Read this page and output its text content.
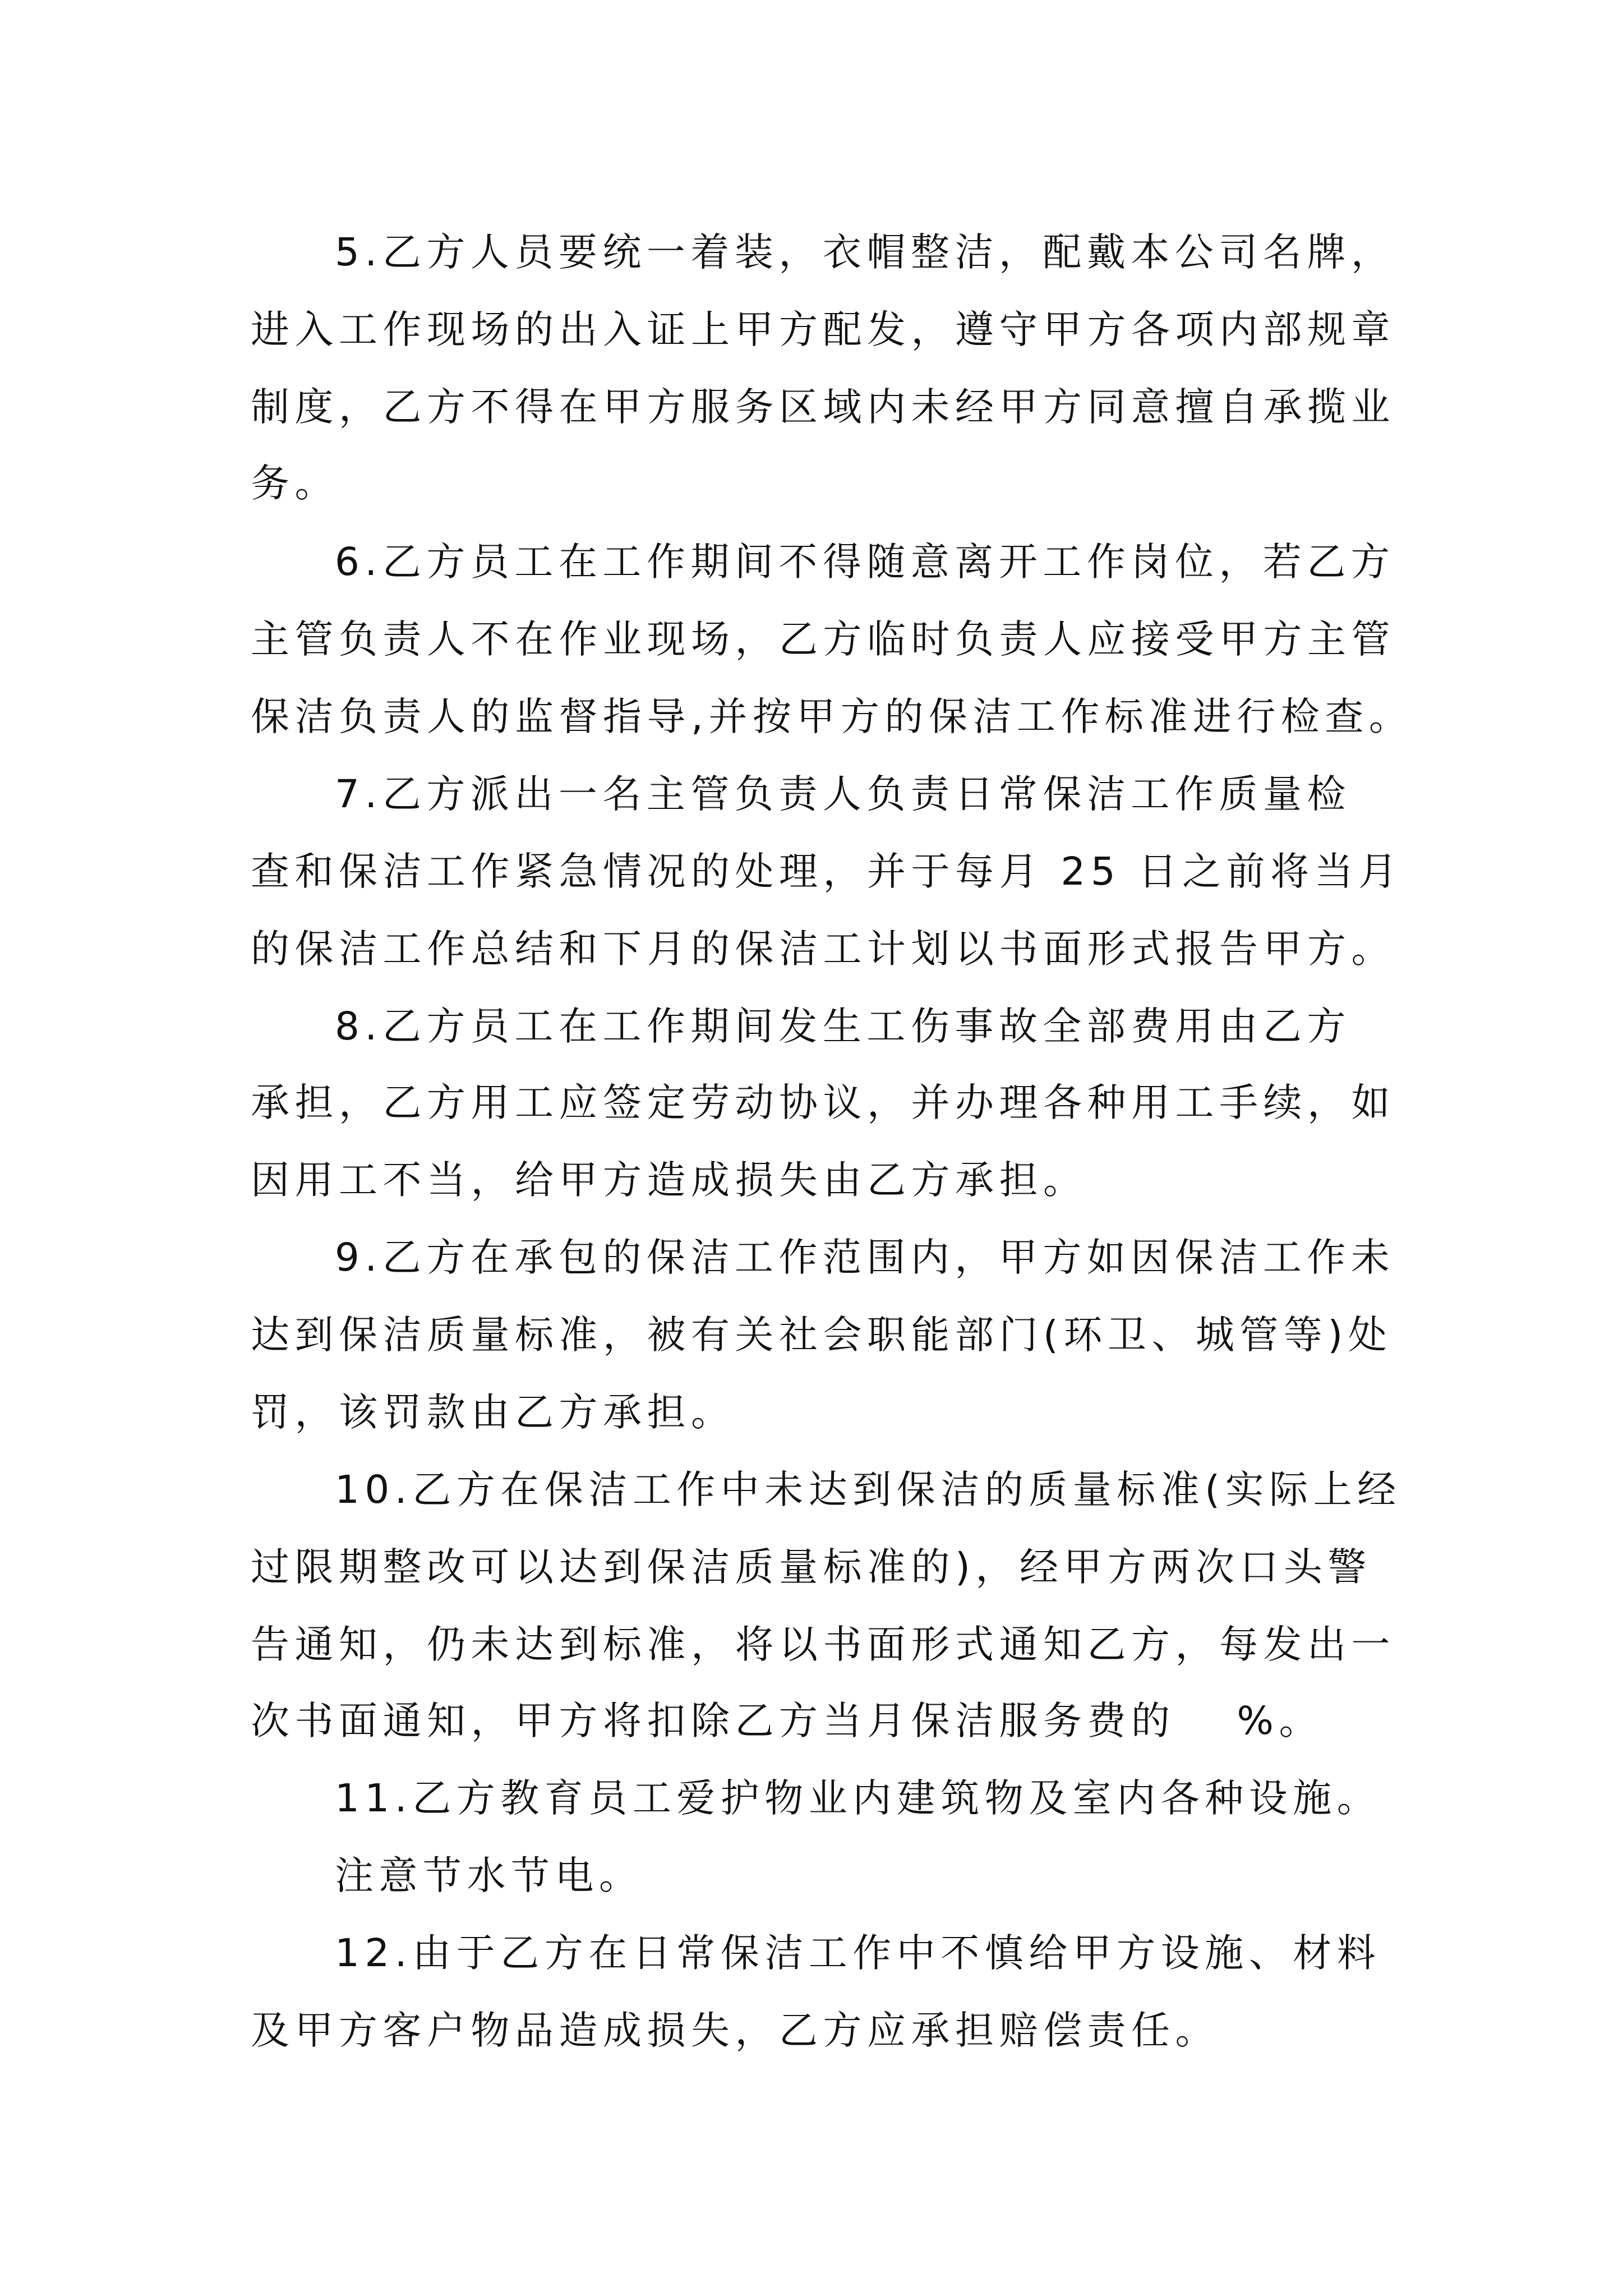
5.乙方人员要统一着装，衣帽整洁，配戴本公司名牌，
进入工作现场的出入证上甲方配发，遵守甲方各项内部规章
制度，乙方不得在甲方服务区域内未经甲方同意擅自承揽业
务。
6.乙方员工在工作期间不得随意离开工作岗位，若乙方
主管负责人不在作业现场，乙方临时负责人应接受甲方主管
保洁负责人的监督指导,并按甲方的保洁工作标准进行检查。
7.乙方派出一名主管负责人负责日常保洁工作质量检
查和保洁工作紧急情况的处理，并于每月 25 日之前将当月
的保洁工作总结和下月的保洁工计划以书面形式报告甲方。
8.乙方员工在工作期间发生工伤事故全部费用由乙方
承担，乙方用工应签定劳动协议，并办理各种用工手续，如
因用工不当，给甲方造成损失由乙方承担。
9.乙方在承包的保洁工作范围内，甲方如因保洁工作未
达到保洁质量标准，被有关社会职能部门(环卫、城管等)处
罚，该罚款由乙方承担。
10.乙方在保洁工作中未达到保洁的质量标准(实际上经
过限期整改可以达到保洁质量标准的)，经甲方两次口头警
告通知，仍未达到标准，将以书面形式通知乙方，每发出一
次书面通知，甲方将扣除乙方当月保洁服务费的　 %。
11.乙方教育员工爱护物业内建筑物及室内各种设施。
注意节水节电。
12.由于乙方在日常保洁工作中不慎给甲方设施、材料
及甲方客户物品造成损失，乙方应承担赔偿责任。
